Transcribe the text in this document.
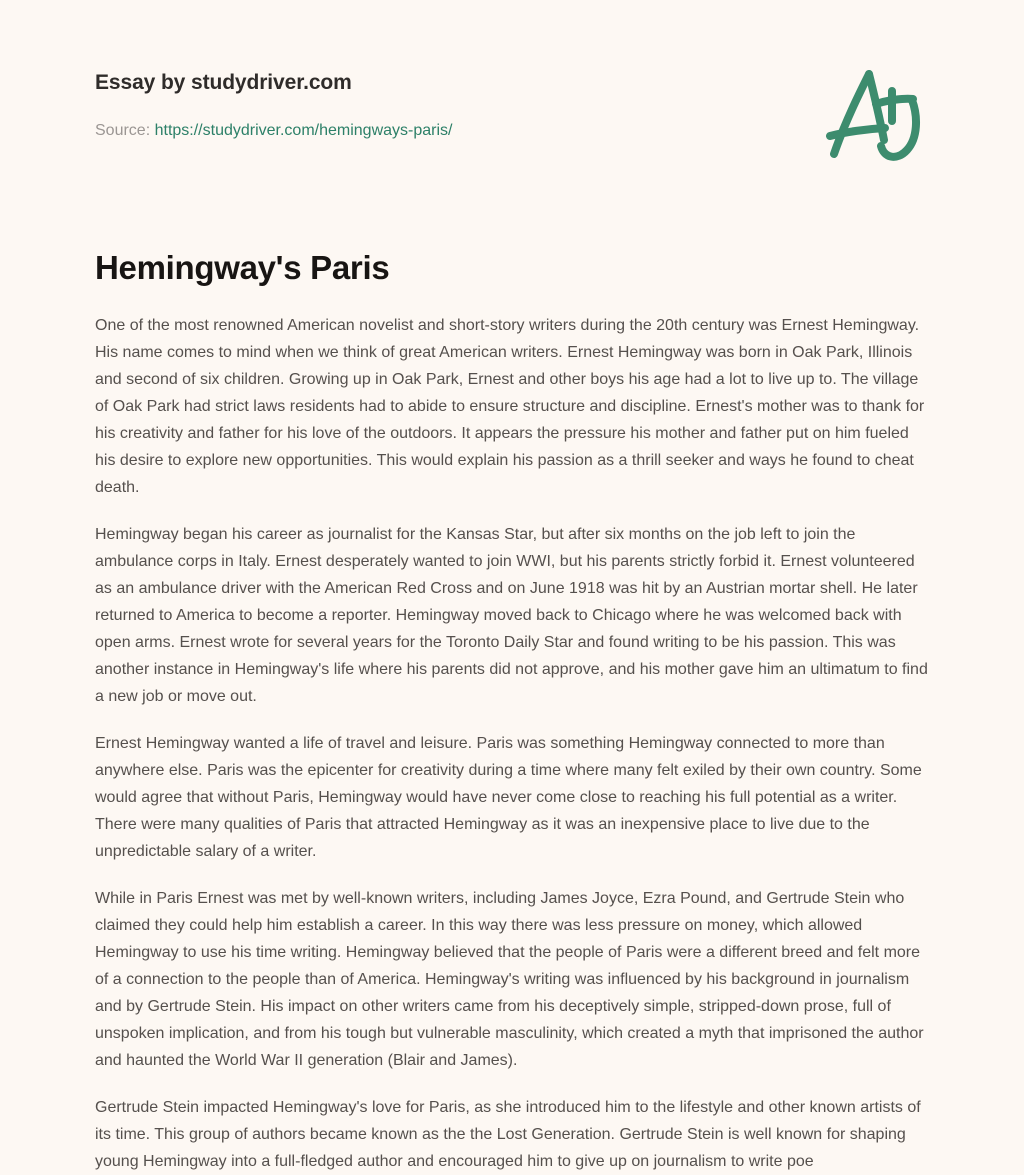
Essay by studydriver.com
Source: https://studydriver.com/hemingways-paris/
Hemingway's Paris

One of the most renowned American novelist and short-story writers during the 20th century was Ernest Hemingway. His name comes to mind when we think of great American writers. Ernest Hemingway was born in Oak Park, Illinois and second of six children. Growing up in Oak Park, Ernest and other boys his age had a lot to live up to. The village of Oak Park had strict laws residents had to abide to ensure structure and discipline. Ernest's mother was to thank for his creativity and father for his love of the outdoors. It appears the pressure his mother and father put on him fueled his desire to explore new opportunities. This would explain his passion as a thrill seeker and ways he found to cheat death.

Hemingway began his career as journalist for the Kansas Star, but after six months on the job left to join the ambulance corps in Italy. Ernest desperately wanted to join WWI, but his parents strictly forbid it. Ernest volunteered as an ambulance driver with the American Red Cross and on June 1918 was hit by an Austrian mortar shell. He later returned to America to become a reporter. Hemingway moved back to Chicago where he was welcomed back with open arms. Ernest wrote for several years for the Toronto Daily Star and found writing to be his passion. This was another instance in Hemingway's life where his parents did not approve, and his mother gave him an ultimatum to find a new job or move out.

Ernest Hemingway wanted a life of travel and leisure. Paris was something Hemingway connected to more than anywhere else. Paris was the epicenter for creativity during a time where many felt exiled by their own country. Some would agree that without Paris, Hemingway would have never come close to reaching his full potential as a writer. There were many qualities of Paris that attracted Hemingway as it was an inexpensive place to live due to the unpredictable salary of a writer.

While in Paris Ernest was met by well-known writers, including James Joyce, Ezra Pound, and Gertrude Stein who claimed they could help him establish a career. In this way there was less pressure on money, which allowed Hemingway to use his time writing. Hemingway believed that the people of Paris were a different breed and felt more of a connection to the people than of America. Hemingway's writing was influenced by his background in journalism and by Gertrude Stein. His impact on other writers came from his deceptively simple, stripped-down prose, full of unspoken implication, and from his tough but vulnerable masculinity, which created a myth that imprisoned the author and haunted the World War II generation (Blair and James).

Gertrude Stein impacted Hemingway's love for Paris, as she introduced him to the lifestyle and other known artists of its time. This group of authors became known as the the Lost Generation. Gertrude Stein is well known for shaping young Hemingway into a full-fledged author and encouraged him to give up on journalism to write poe
